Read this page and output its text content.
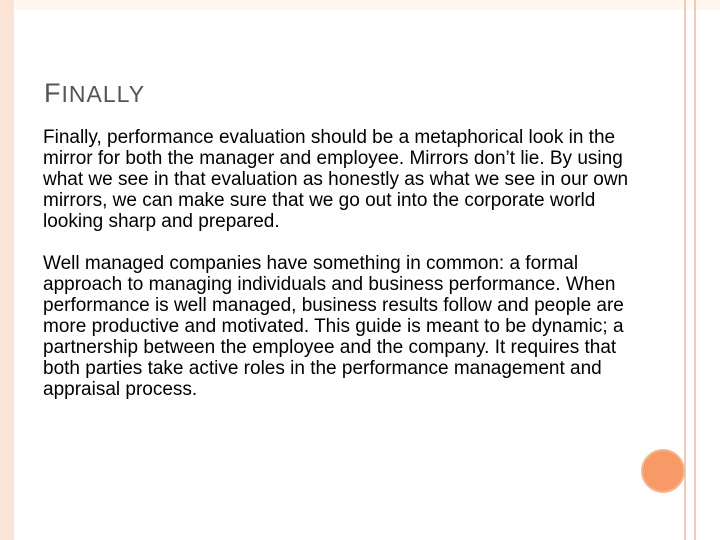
FINALLY

Finally, performance evaluation should be a metaphorical look in the mirror for both the manager and employee. Mirrors don’t lie. By using what we see in that evaluation as honestly as what we see in our own mirrors, we can make sure that we go out into the corporate world looking sharp and prepared.

Well managed companies have something in common: a formal approach to managing individuals and business performance. When performance is well managed, business results follow and people are more productive and motivated. This guide is meant to be dynamic; a partnership between the employee and the company. It requires that both parties take active roles in the performance management and appraisal process.
